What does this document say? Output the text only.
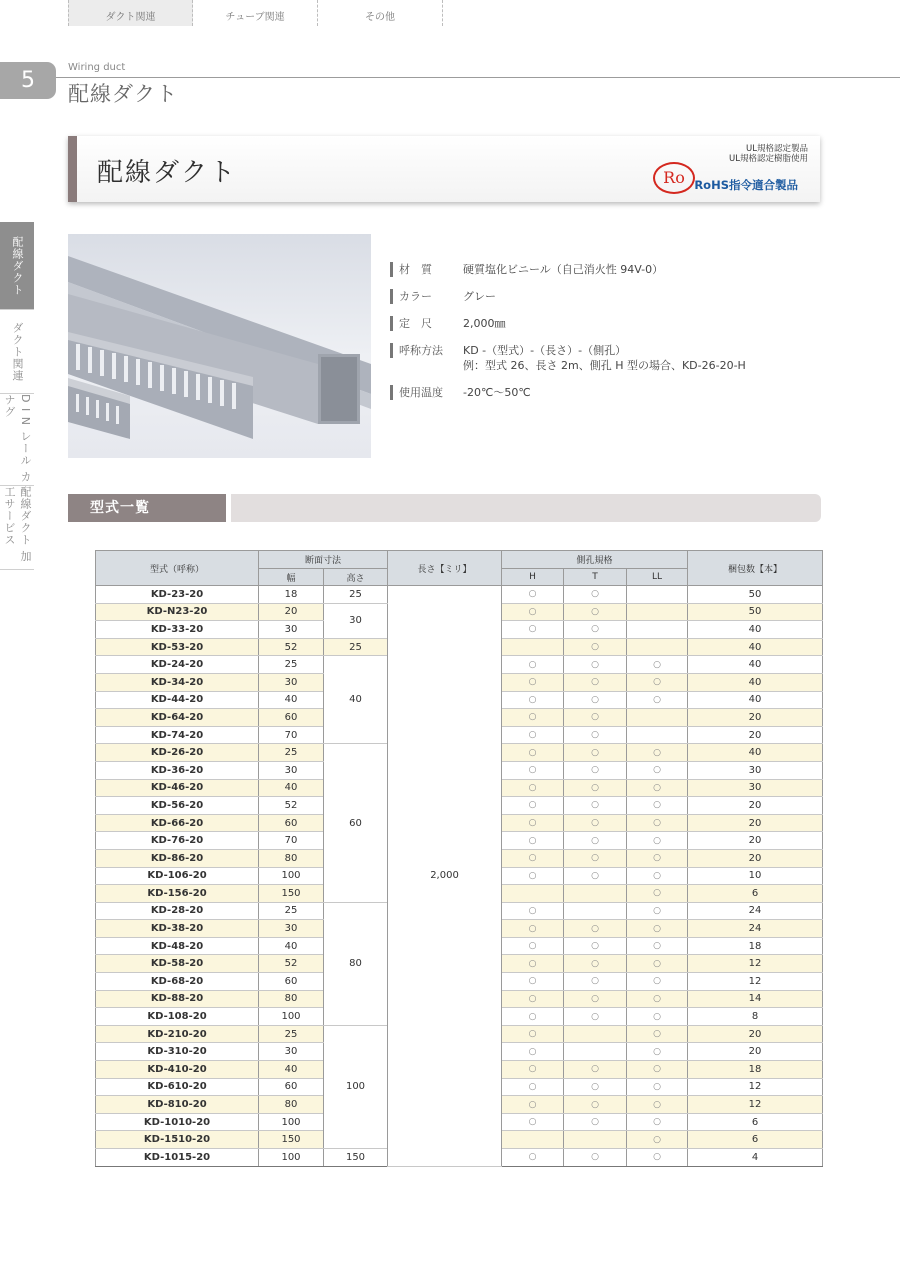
ダクト関連	チューブ関連	その他
5
Wiring duct
配線ダクト
配線ダクト
ダクト関連
D I N レール カナグ
配線ダクト 加工サービス
配線ダクト
UL規格認定製品
UL規格認定樹脂使用
Ro RoHS指令適合製品
材　質	硬質塩化ビニール（自己消火性 94V-0）
カラー	グレー
定　尺	2,000㎜
呼称方法	KD -（型式）-（長さ）-（側孔）
例：型式 26、長さ 2m、側孔 H 型の場合、KD-26-20-H
使用温度	-20℃〜50℃
型式一覧
型式（呼称）	断面寸法		長さ【ミリ】	側孔規格			梱包数【本】
	幅	高さ		H	T	LL	
KD-23-20	18	25	2,000	○	○		50
KD-N23-20	20	30		○	○		50
KD-33-20	30			○	○		40
KD-53-20	52	25			○		40
KD-24-20	25	40		○	○	○	40
KD-34-20	30			○	○	○	40
KD-44-20	40			○	○	○	40
KD-64-20	60			○	○		20
KD-74-20	70			○	○		20
KD-26-20	25	60		○	○	○	40
KD-36-20	30			○	○	○	30
KD-46-20	40			○	○	○	30
KD-56-20	52			○	○	○	20
KD-66-20	60			○	○	○	20
KD-76-20	70			○	○	○	20
KD-86-20	80			○	○	○	20
KD-106-20	100			○	○	○	10
KD-156-20	150					○	6
KD-28-20	25	80		○		○	24
KD-38-20	30			○	○	○	24
KD-48-20	40			○	○	○	18
KD-58-20	52			○	○	○	12
KD-68-20	60			○	○	○	12
KD-88-20	80			○	○	○	14
KD-108-20	100			○	○	○	8
KD-210-20	25	100		○		○	20
KD-310-20	30			○		○	20
KD-410-20	40			○	○	○	18
KD-610-20	60			○	○	○	12
KD-810-20	80			○	○	○	12
KD-1010-20	100			○	○	○	6
KD-1510-20	150					○	6
KD-1015-20	100	150		○	○	○	4
